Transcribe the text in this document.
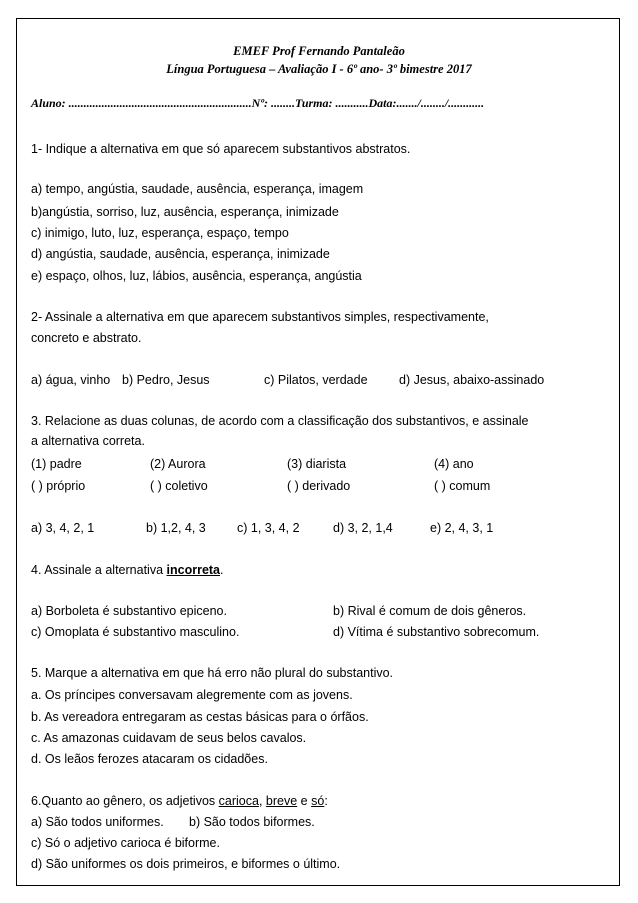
EMEF Prof Fernando Pantaleão
Língua Portuguesa – Avaliação I - 6º ano- 3º bimestre 2017
Aluno: .............................................................Nº: ........Turma: ...........Data:......./......../............
1- Indique a alternativa em que só aparecem substantivos abstratos.
a) tempo, angústia, saudade, ausência, esperança, imagem
b)angústia, sorriso, luz, ausência, esperança, inimizade
c) inimigo, luto, luz, esperança, espaço, tempo
d) angústia, saudade, ausência, esperança, inimizade
e) espaço, olhos, luz, lábios, ausência, esperança, angústia
2- Assinale a alternativa em que aparecem substantivos simples, respectivamente,
concreto e abstrato.
a) água, vinho b) Pedro, Jesus	c) Pilatos, verdade	d) Jesus, abaixo-assinado
3. Relacione as duas colunas, de acordo com a classificação dos substantivos, e assinale
a alternativa correta.
(1) padre	(2) Aurora	(3) diarista	(4) ano
( ) próprio	( ) coletivo	( ) derivado	( ) comum
a) 3, 4, 2, 1	b) 1,2, 4, 3 c) 1, 3, 4, 2	d) 3, 2, 1,4	e) 2, 4, 3, 1
4. Assinale a alternativa incorreta.
a) Borboleta é substantivo epiceno.	b) Rival é comum de dois gêneros.
c) Omoplata é substantivo masculino.	d) Vítima é substantivo sobrecomum.
5. Marque a alternativa em que há erro não plural do substantivo.
a. Os príncipes conversavam alegremente com as jovens.
b. As vereadora entregaram as cestas básicas para o órfãos.
c. As amazonas cuidavam de seus belos cavalos.
d. Os leãos ferozes atacaram os cidadões.
6.Quanto ao gênero, os adjetivos carioca, breve e só:
a) São todos uniformes. b) São todos biformes.
c) Só o adjetivo carioca é biforme.
d) São uniformes os dois primeiros, e biformes o último.
